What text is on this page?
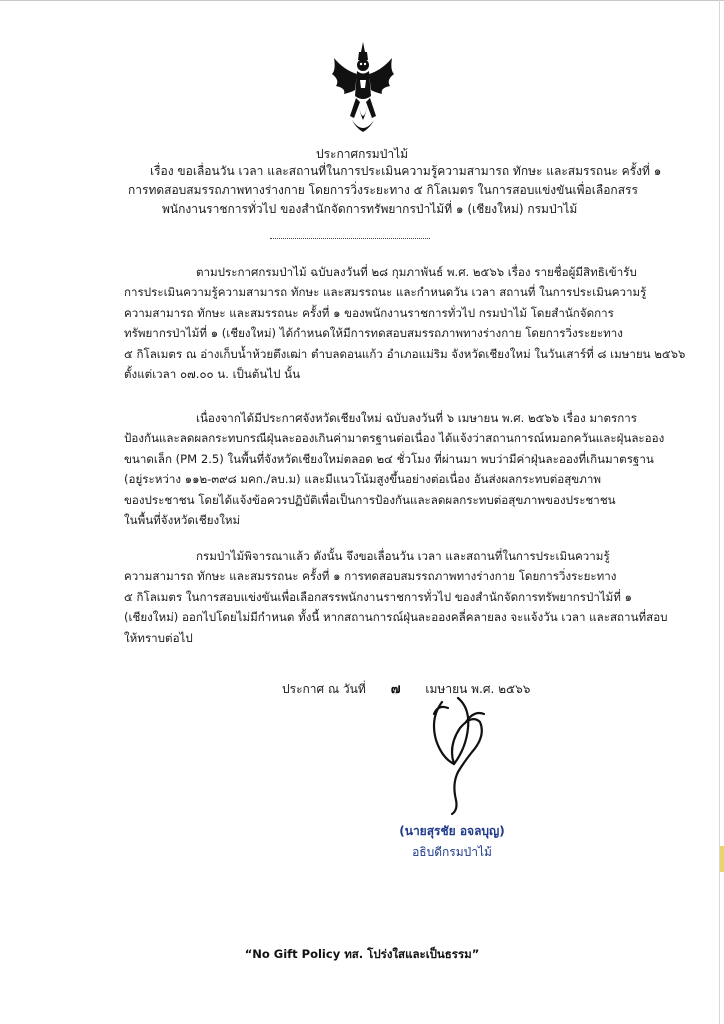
ประกาศกรมป่าไม้
เรื่อง ขอเลื่อนวัน เวลา และสถานที่ในการประเมินความรู้ความสามารถ ทักษะ และสมรรถนะ ครั้งที่ ๑
การทดสอบสมรรถภาพทางร่างกาย โดยการวิ่งระยะทาง ๕ กิโลเมตร ในการสอบแข่งขันเพื่อเลือกสรร
พนักงานราชการทั่วไป ของสำนักจัดการทรัพยากรป่าไม้ที่ ๑ (เชียงใหม่) กรมป่าไม้
ตามประกาศกรมป่าไม้ ฉบับลงวันที่ ๒๘ กุมภาพันธ์ พ.ศ. ๒๕๖๖ เรื่อง รายชื่อผู้มีสิทธิเข้ารับ
การประเมินความรู้ความสามารถ ทักษะ และสมรรถนะ และกำหนดวัน เวลา สถานที่ ในการประเมินความรู้
ความสามารถ ทักษะ และสมรรถนะ ครั้งที่ ๑ ของพนักงานราชการทั่วไป กรมป่าไม้ โดยสำนักจัดการ
ทรัพยากรป่าไม้ที่ ๑ (เชียงใหม่) ได้กำหนดให้มีการทดสอบสมรรถภาพทางร่างกาย โดยการวิ่งระยะทาง
๕ กิโลเมตร ณ อ่างเก็บน้ำห้วยตึงเฒ่า ตำบลดอนแก้ว อำเภอแม่ริม จังหวัดเชียงใหม่ ในวันเสาร์ที่ ๘ เมษายน ๒๕๖๖
ตั้งแต่เวลา ๐๗.๐๐ น. เป็นต้นไป นั้น
เนื่องจากได้มีประกาศจังหวัดเชียงใหม่ ฉบับลงวันที่ ๖ เมษายน พ.ศ. ๒๕๖๖ เรื่อง มาตรการ
ป้องกันและลดผลกระทบกรณีฝุ่นละอองเกินค่ามาตรฐานต่อเนื่อง ได้แจ้งว่าสถานการณ์หมอกควันและฝุ่นละออง
ขนาดเล็ก (PM 2.5) ในพื้นที่จังหวัดเชียงใหม่ตลอด ๒๔ ชั่วโมง ที่ผ่านมา พบว่ามีค่าฝุ่นละอองที่เกินมาตรฐาน
(อยู่ระหว่าง ๑๑๒-๓๙๘ มคก./ลบ.ม) และมีแนวโน้มสูงขึ้นอย่างต่อเนื่อง อันส่งผลกระทบต่อสุขภาพ
ของประชาชน โดยได้แจ้งข้อควรปฏิบัติเพื่อเป็นการป้องกันและลดผลกระทบต่อสุขภาพของประชาชน
ในพื้นที่จังหวัดเชียงใหม่
กรมป่าไม้พิจารณาแล้ว ดังนั้น จึงขอเลื่อนวัน เวลา และสถานที่ในการประเมินความรู้
ความสามารถ ทักษะ และสมรรถนะ ครั้งที่ ๑ การทดสอบสมรรถภาพทางร่างกาย โดยการวิ่งระยะทาง
๕ กิโลเมตร ในการสอบแข่งขันเพื่อเลือกสรรพนักงานราชการทั่วไป ของสำนักจัดการทรัพยากรป่าไม้ที่ ๑
(เชียงใหม่) ออกไปโดยไม่มีกำหนด ทั้งนี้ หากสถานการณ์ฝุ่นละอองคลี่คลายลง จะแจ้งวัน เวลา และสถานที่สอบ
ให้ทราบต่อไป
ประกาศ ณ วันที่ ๗ เมษายน พ.ศ. ๒๕๖๖
(นายสุรชัย อจลบุญ)
อธิบดีกรมป่าไม้
“No Gift Policy ทส. โปร่งใสและเป็นธรรม”
